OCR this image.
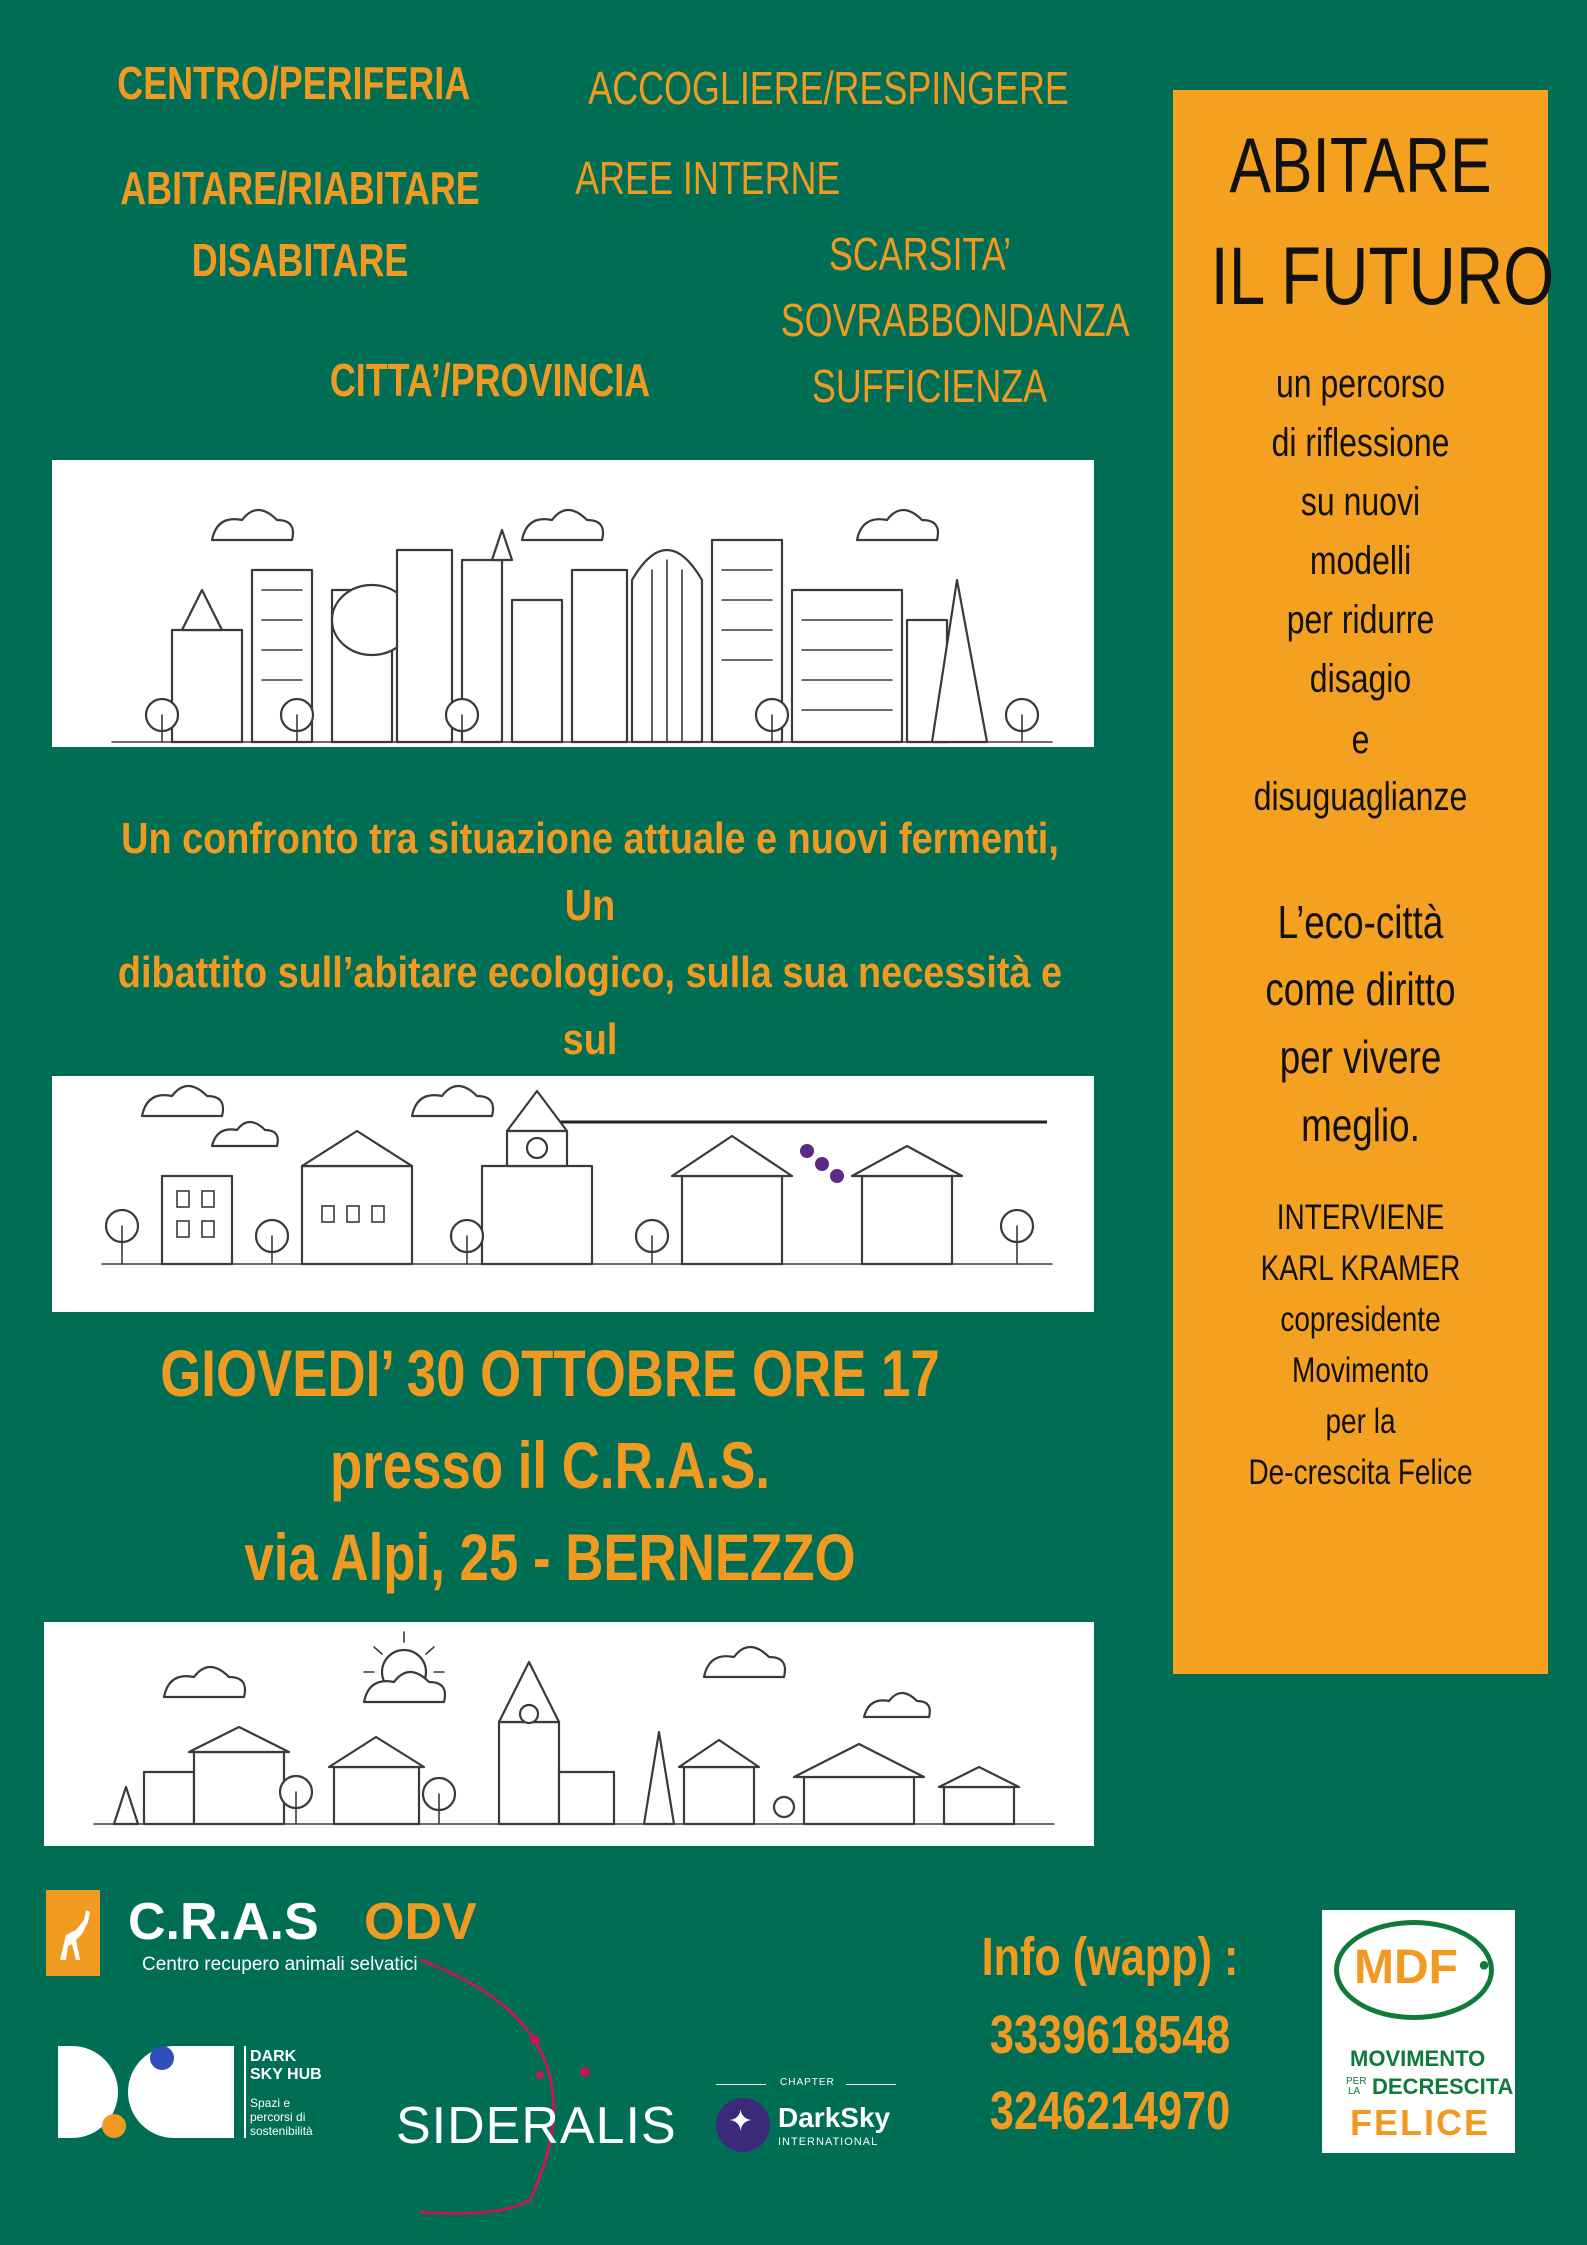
CENTRO/PERIFERIA	ACCOGLIERE/RESPINGERE
ABITARE/RIABITARE AREE INTERNE
DISABITARE	SCARSITA’
SOVRABBONDANZA
CITTA’/PROVINCIA	SUFFICIENZA
Un confronto tra situazione attuale e nuovi fermenti, Un
dibattito sull’abitare ecologico, sulla sua necessità e sul
GIOVEDI’ 30 OTTOBRE ORE 17
presso il C.R.A.S.
via Alpi, 25 - BERNEZZO
ABITARE
IL FUTURO
un percorso
di riflessione
su nuovi
modelli
per ridurre
disagio
e
disuguaglianze
L’eco-città
come diritto
per vivere
meglio.
INTERVIENE
KARL KRAMER
copresidente
Movimento
per la
De-crescita Felice
C.R.A.S ODV
Centro recupero animali selvatici
DARK
SKY HUB
Spazi e
percorsi di
sostenibilità SIDERALIS
CHAPTER
✦ DarkSky
INTERNATIONAL
Info (wapp) :
3339618548
3246214970
MDF ●
MOVIMENTO
PER
LA DECRESCITA
FELICE
